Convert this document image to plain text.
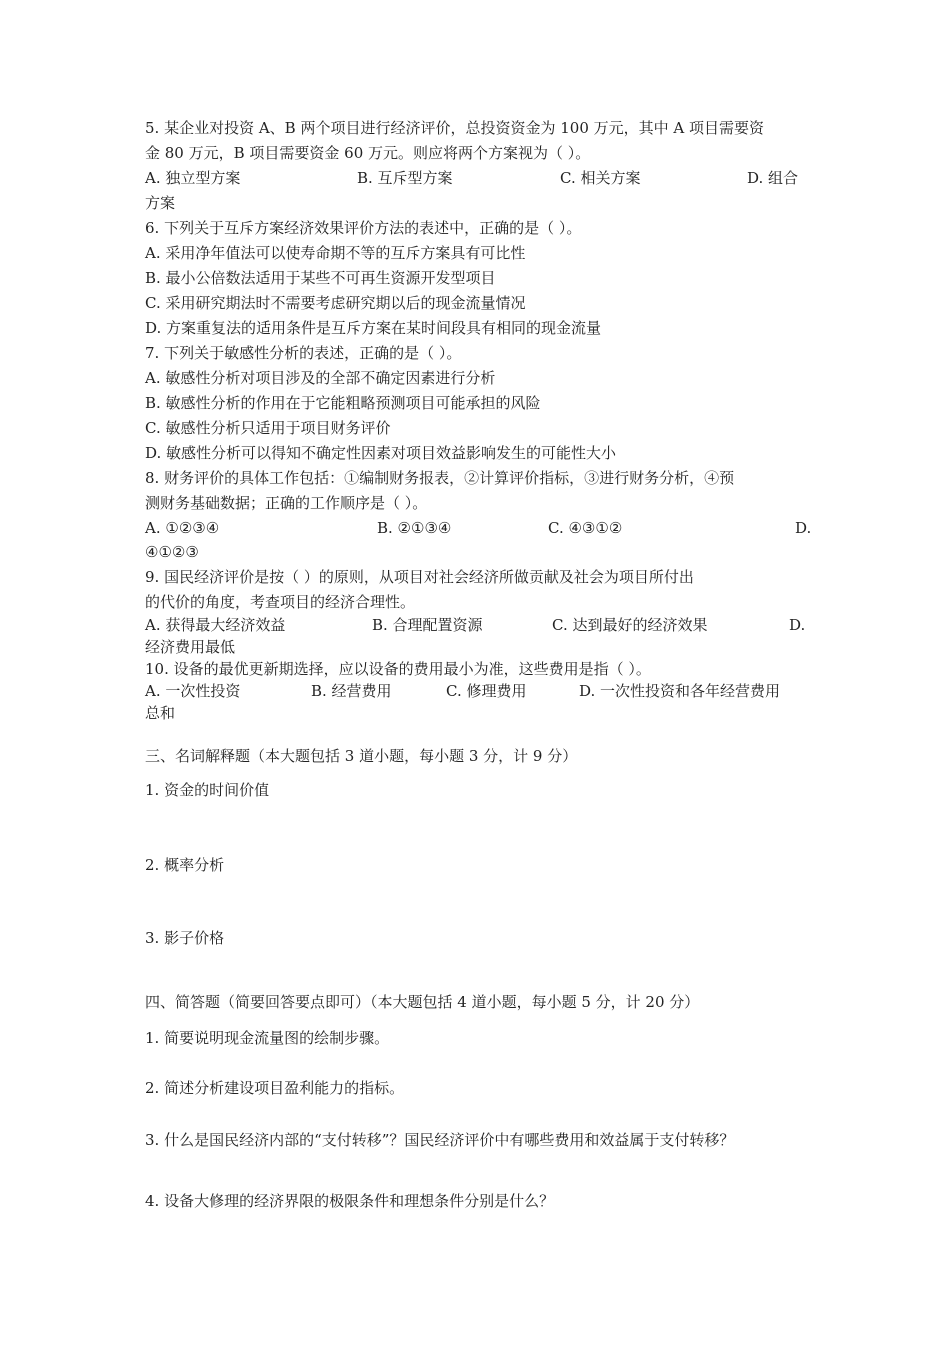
5. 某企业对投资 A、B 两个项目进行经济评价，总投资资金为 100 万元，其中 A 项目需要资
金 80 万元，B 项目需要资金 60 万元。则应将两个方案视为（ ）。
A. 独立型方案	B. 互斥型方案	C. 相关方案	D. 组合
方案
6. 下列关于互斥方案经济效果评价方法的表述中，正确的是（ ）。
A. 采用净年值法可以使寿命期不等的互斥方案具有可比性
B. 最小公倍数法适用于某些不可再生资源开发型项目
C. 采用研究期法时不需要考虑研究期以后的现金流量情况
D. 方案重复法的适用条件是互斥方案在某时间段具有相同的现金流量
7. 下列关于敏感性分析的表述，正确的是（ ）。
A. 敏感性分析对项目涉及的全部不确定因素进行分析
B. 敏感性分析的作用在于它能粗略预测项目可能承担的风险
C. 敏感性分析只适用于项目财务评价
D. 敏感性分析可以得知不确定性因素对项目效益影响发生的可能性大小
8. 财务评价的具体工作包括：①编制财务报表，②计算评价指标，③进行财务分析，④预
测财务基础数据；正确的工作顺序是（ ）。
A. ①②③④	B. ②①③④	C. ④③①②	D.
④①②③
9. 国民经济评价是按（ ）的原则，从项目对社会经济所做贡献及社会为项目所付出
的代价的角度，考查项目的经济合理性。
A. 获得最大经济效益	B. 合理配置资源	C. 达到最好的经济效果	D.
经济费用最低
10. 设备的最优更新期选择，应以设备的费用最小为准，这些费用是指（ ）。
A. 一次性投资	B. 经营费用	C. 修理费用	D. 一次性投资和各年经营费用
总和
三、名词解释题（本大题包括 3 道小题，每小题 3 分，计 9 分）
1. 资金的时间价值
2. 概率分析
3. 影子价格
四、简答题（简要回答要点即可）（本大题包括 4 道小题，每小题 5 分，计 20 分）
1. 简要说明现金流量图的绘制步骤。
2. 简述分析建设项目盈利能力的指标。
3. 什么是国民经济内部的“支付转移”？国民经济评价中有哪些费用和效益属于支付转移？
4. 设备大修理的经济界限的极限条件和理想条件分别是什么？
